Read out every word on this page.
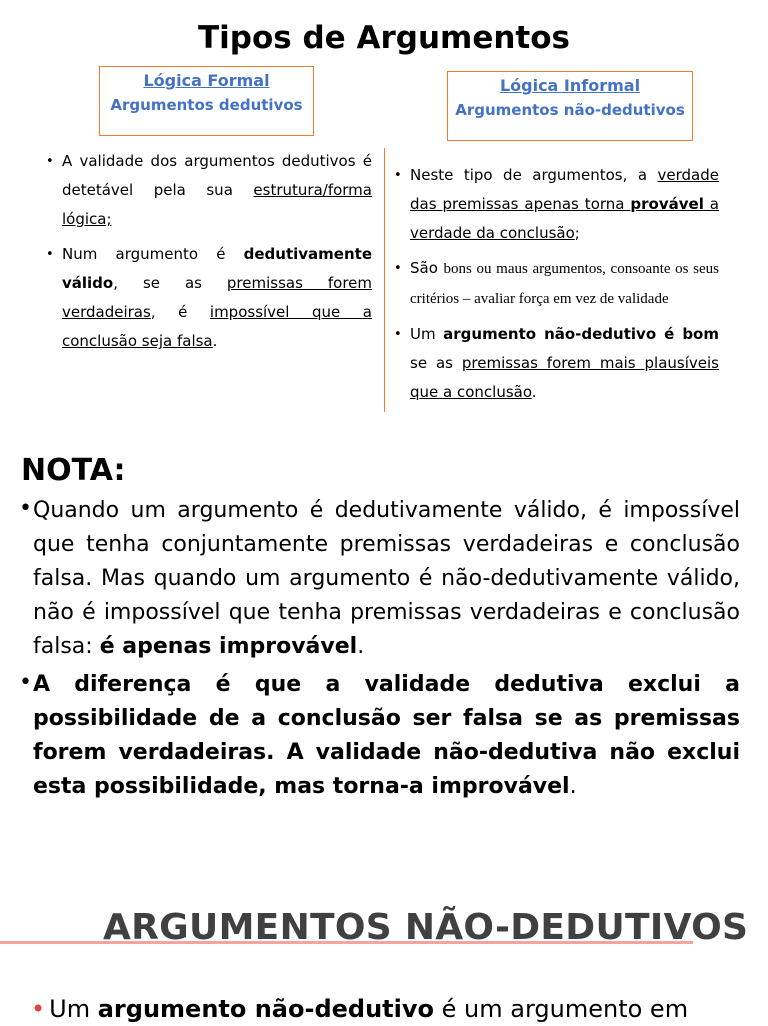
Tipos de Argumentos
Lógica Formal
Argumentos dedutivos
Lógica Informal
Argumentos não-dedutivos
• A validade dos argumentos dedutivos é detetável pela sua estrutura/forma lógica;
• Num argumento é dedutivamente válido, se as premissas forem verdadeiras, é impossível que a conclusão seja falsa.
• Neste tipo de argumentos, a verdade das premissas apenas torna provável a verdade da conclusão;
• São bons ou maus argumentos, consoante os seus critérios – avaliar força em vez de validade
• Um argumento não-dedutivo é bom se as premissas forem mais plausíveis que a conclusão.
NOTA:
• Quando um argumento é dedutivamente válido, é impossível que tenha conjuntamente premissas verdadeiras e conclusão falsa. Mas quando um argumento é não-dedutivamente válido, não é impossível que tenha premissas verdadeiras e conclusão falsa: é apenas improvável.
• A diferença é que a validade dedutiva exclui a possibilidade de a conclusão ser falsa se as premissas forem verdadeiras. A validade não-dedutiva não exclui esta possibilidade, mas torna-a improvável.
ARGUMENTOS NÃO-DEDUTIVOS
• Um argumento não-dedutivo é um argumento em
